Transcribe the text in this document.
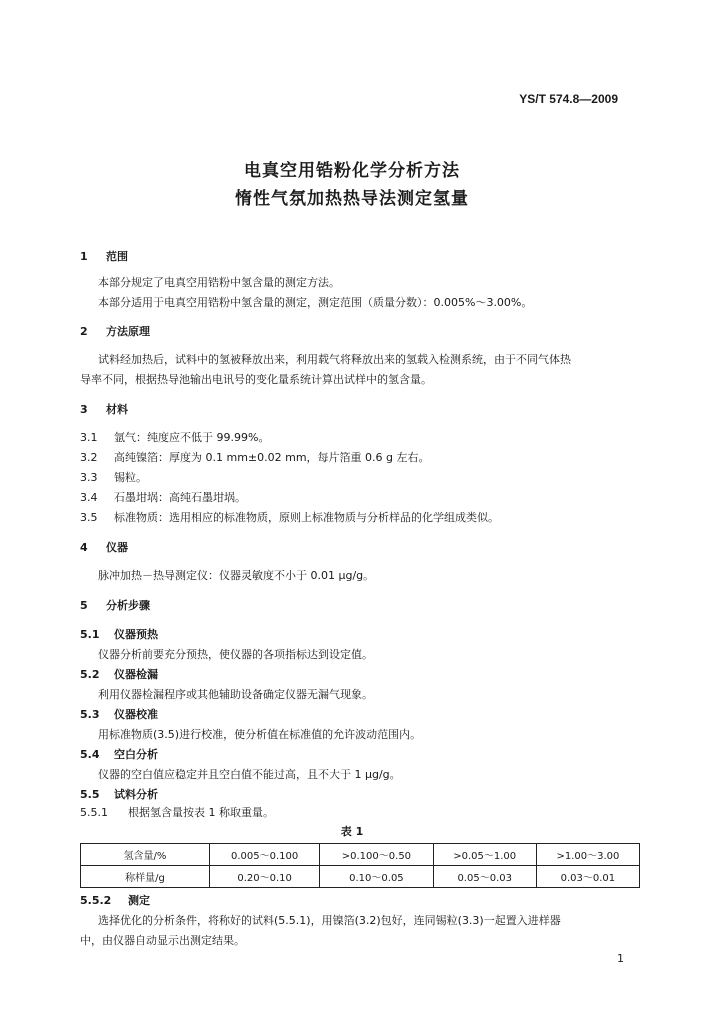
YS/T 574.8—2009
电真空用锆粉化学分析方法
惰性气氛加热热导法测定氢量
1 范围
本部分规定了电真空用锆粉中氢含量的测定方法。
本部分适用于电真空用锆粉中氢含量的测定，测定范围（质量分数）：0.005%～3.00%。
2 方法原理
试料经加热后，试料中的氢被释放出来，利用载气将释放出来的氢载入检测系统，由于不同气体热
导率不同，根据热导池输出电讯号的变化量系统计算出试样中的氢含量。
3 材料
3.1 氩气：纯度应不低于 99.99%。
3.2 高纯镍箔：厚度为 0.1 mm±0.02 mm，每片箔重 0.6 g 左右。
3.3 锡粒。
3.4 石墨坩埚：高纯石墨坩埚。
3.5 标准物质：选用相应的标准物质，原则上标准物质与分析样品的化学组成类似。
4 仪器
脉冲加热－热导测定仪：仪器灵敏度不小于 0.01 μg/g。
5 分析步骤
5.1 仪器预热
仪器分析前要充分预热，使仪器的各项指标达到设定值。
5.2 仪器检漏
利用仪器检漏程序或其他辅助设备确定仪器无漏气现象。
5.3 仪器校准
用标准物质(3.5)进行校准，使分析值在标准值的允许波动范围内。
5.4 空白分析
仪器的空白值应稳定并且空白值不能过高，且不大于 1 μg/g。
5.5 试料分析
5.5.1 根据氢含量按表 1 称取重量。
表 1
氢含量/%	0.005～0.100	>0.100～0.50	>0.05～1.00	>1.00～3.00
称样量/g	0.20～0.10	0.10～0.05	0.05～0.03	0.03～0.01
5.5.2 测定
选择优化的分析条件，将称好的试料(5.5.1)，用镍箔(3.2)包好，连同锡粒(3.3)一起置入进样器
中，由仪器自动显示出测定结果。
1
